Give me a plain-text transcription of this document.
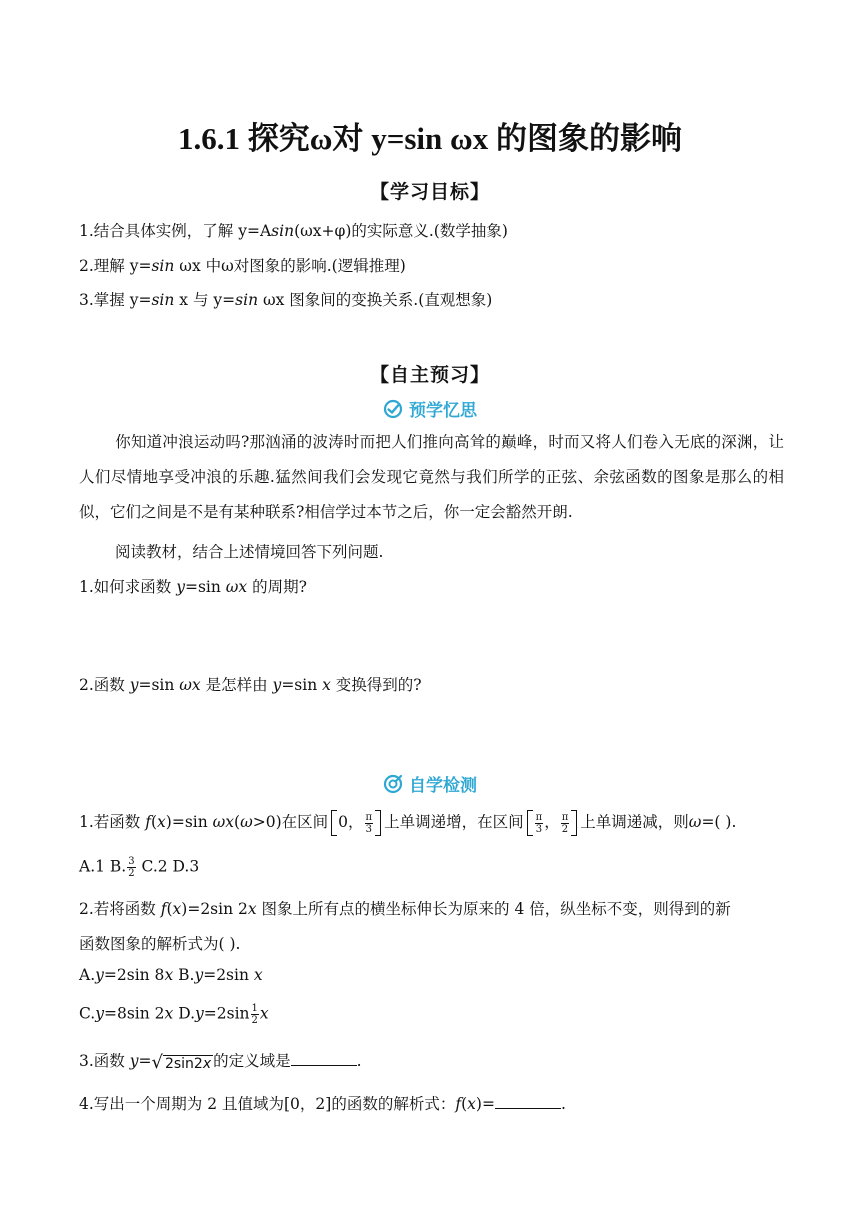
1.6.1 探究ω对 y=sin ωx 的图象的影响
【学习目标】
1.结合具体实例，了解 y=Asin(ωx+φ)的实际意义.(数学抽象)
2.理解 y=sin ωx 中ω对图象的影响.(逻辑推理)
3.掌握 y=sin x 与 y=sin ωx 图象间的变换关系.(直观想象)
【自主预习】
预学忆思
你知道冲浪运动吗?那汹涌的波涛时而把人们推向高耸的巅峰，时而又将人们卷入无底的深渊，让人们尽情地享受冲浪的乐趣.猛然间我们会发现它竟然与我们所学的正弦、余弦函数的图象是那么的相似，它们之间是不是有某种联系?相信学过本节之后，你一定会豁然开朗.
阅读教材，结合上述情境回答下列问题.
1.如何求函数 y=sin ωx 的周期?
2.函数 y=sin ωx 是怎样由 y=sin x 变换得到的?
自学检测
1.若函数 f(x)=sin ωx(ω>0)在区间 0， $\frac{\pi}{3}$ 上单调递增，在区间 $\frac{\pi}{3}$ ， $\frac{\pi}{2}$ 上单调递减，则ω=( ).
A.1 B. $\frac{3}{2} C.2$ D.3
2.若将函数 f(x)=2sin 2x 图象上所有点的横坐标伸长为原来的 4 倍，纵坐标不变，则得到的新
函数图象的解析式为( ).
A.y=2sin 8x B.y=2sin x
C.y=8sin 2x $D.y=2\sin \frac{1}{2}$ x
3.函数 y=√ 2sin2x 的定义域是	.
4.写出一个周期为 2 且值域为[0，2]的函数的解析式：f(x)=	.
